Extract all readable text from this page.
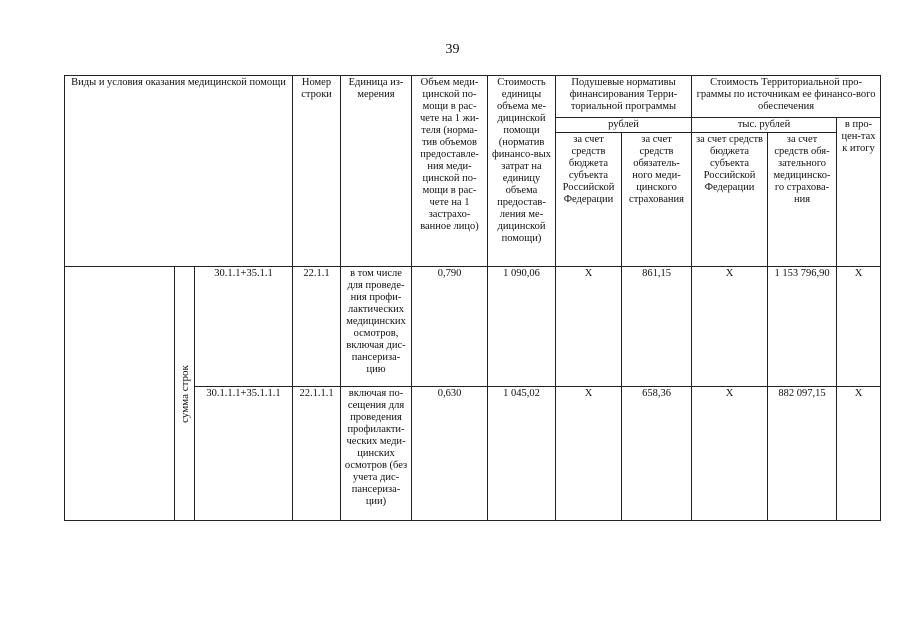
39
Виды и условия оказания медицинской помощи			Номер строки	Единица из-мерения	Объем меди-цинской по-мощи в рас-чете на 1 жи-теля (норма-тив объемов предоставле-ния меди-цинской по-мощи в рас-чете на 1 застрахо-ванное лицо)	Стоимость единицы объема ме-дицинской помощи (норматив финансо-вых затрат на единицу объема предостав-ления ме-дицинской помощи)	Подушевые нормативы финансирования Терри-ториальной программы		Стоимость Территориальной про-граммы по источникам ее финансо-вого обеспечения		
							рублей		тыс. рублей		в про-цен-тах к итогу
							за счет средств бюджета субъекта Российской Федерации	за счет средств обязатель-ного меди-цинского страхования	за счет средств бюджета субъекта Российской Федерации	за счет средств обя-зательного медицинско-го страхова-ния	

	сумма строк	30.1.1+35.1.1	22.1.1	в том числе для проведе-ния профи-лактических медицинских осмотров, включая дис-пансериза-цию	0,790	1 090,06	Х	861,15	Х	1 153 796,90	Х
		30.1.1.1+35.1.1.1	22.1.1.1	включая по-сещения для проведения профилакти-ческих меди-цинских осмотров (без учета дис-пансериза-ции)	0,630	1 045,02	Х	658,36	Х	882 097,15	Х
